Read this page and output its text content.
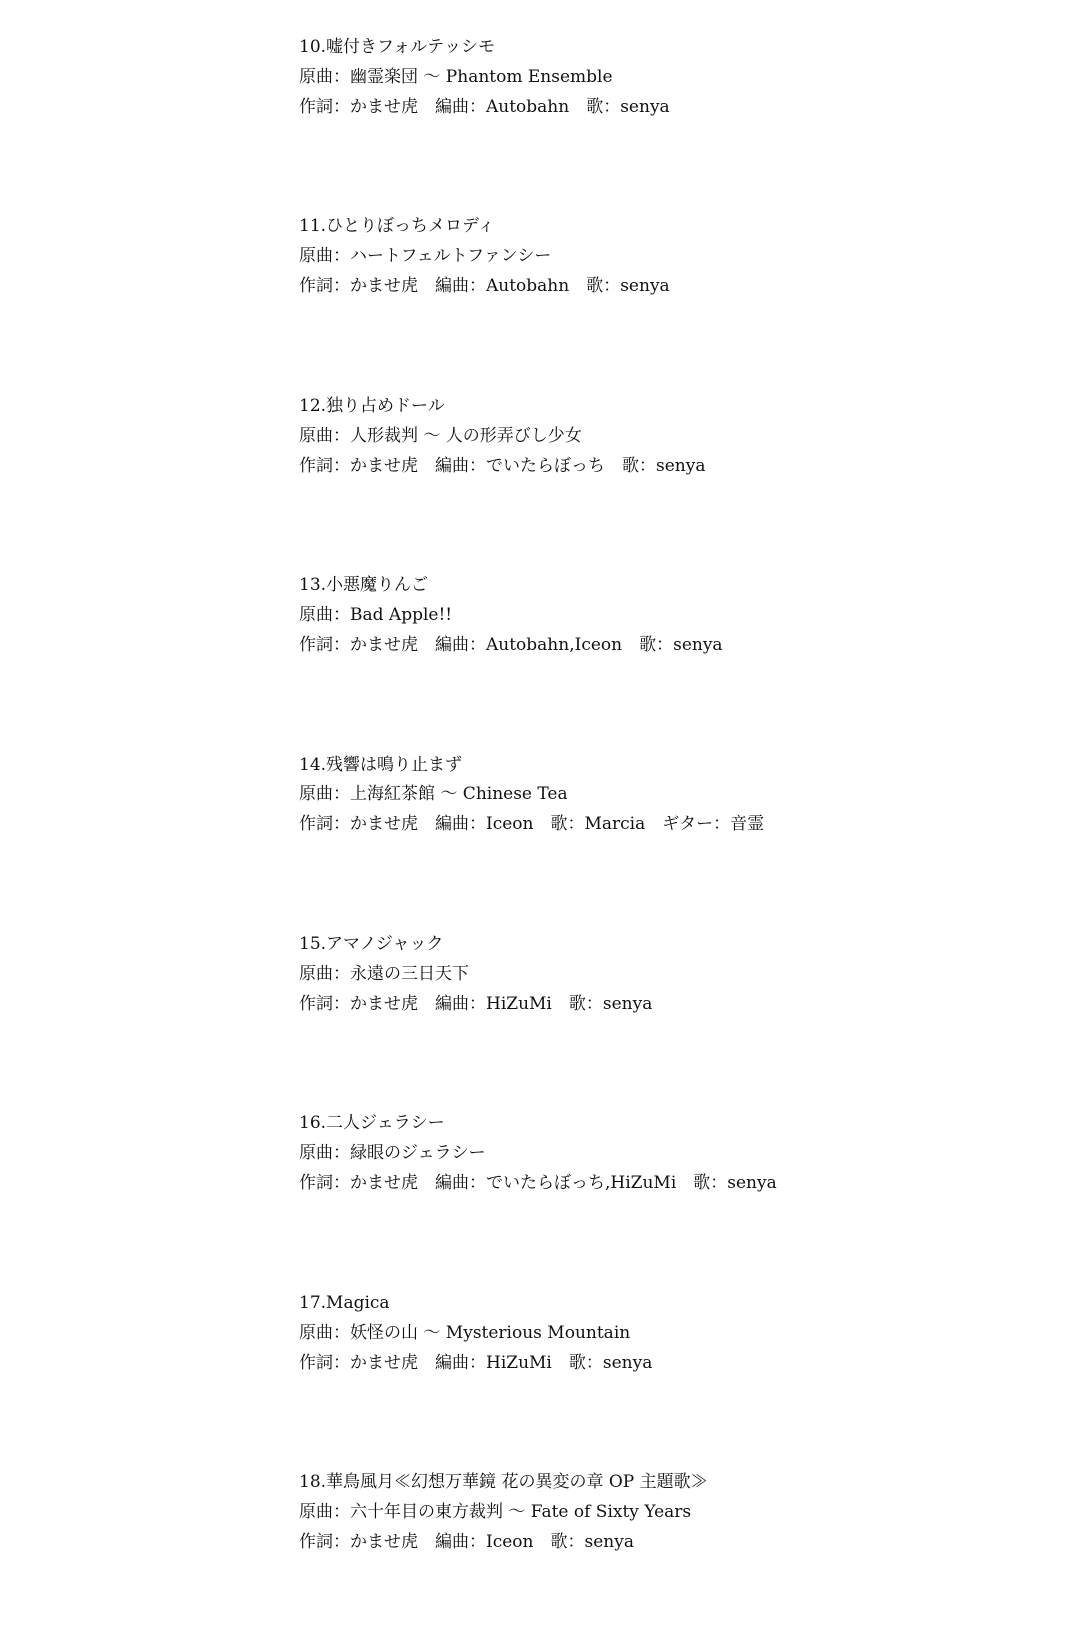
10.嘘付きフォルテッシモ
原曲：幽霊楽団 ～ Phantom Ensemble
作詞：かませ虎　編曲：Autobahn　歌：senya
11.ひとりぼっちメロディ
原曲：ハートフェルトファンシー
作詞：かませ虎　編曲：Autobahn　歌：senya
12.独り占めドール
原曲：人形裁判 ～ 人の形弄びし少女
作詞：かませ虎　編曲：でいたらぼっち　歌：senya
13.小悪魔りんご
原曲：Bad Apple!!
作詞：かませ虎　編曲：Autobahn,Iceon　歌：senya
14.残響は鳴り止まず
原曲：上海紅茶館 ～ Chinese Tea
作詞：かませ虎　編曲：Iceon　歌：Marcia　ギター：音霊
15.アマノジャック
原曲：永遠の三日天下
作詞：かませ虎　編曲：HiZuMi　歌：senya
16.二人ジェラシー
原曲：緑眼のジェラシー
作詞：かませ虎　編曲：でいたらぼっち,HiZuMi　歌：senya
17.Magica
原曲：妖怪の山 ～ Mysterious Mountain
作詞：かませ虎　編曲：HiZuMi　歌：senya
18.華鳥風月≪幻想万華鏡 花の異変の章 OP 主題歌≫
原曲：六十年目の東方裁判 ～ Fate of Sixty Years
作詞：かませ虎　編曲：Iceon　歌：senya
